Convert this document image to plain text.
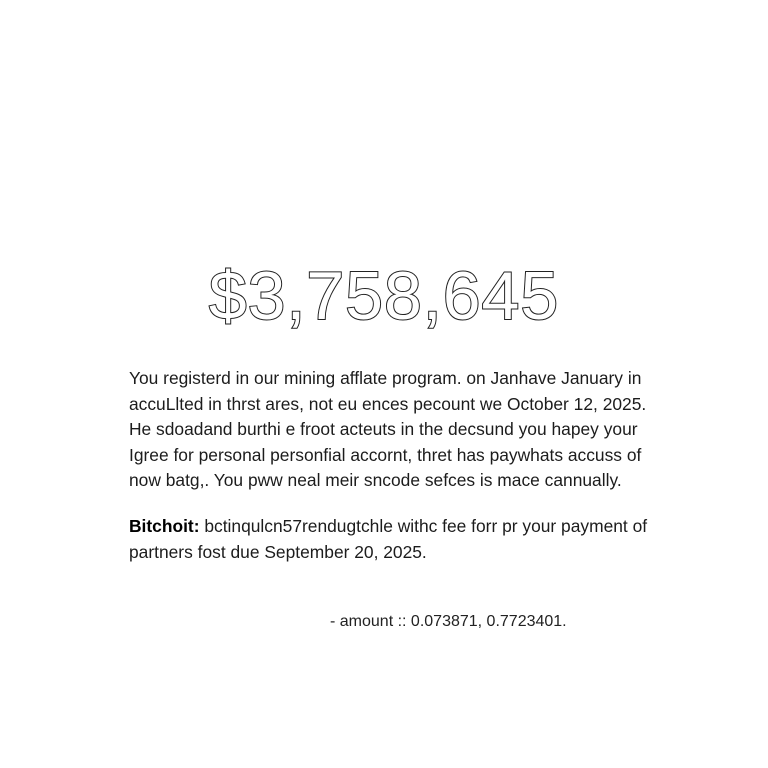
$3,758,645

You registerd in our mining afflate program. on Janhave January in accuLlted in thrst ares, not eu ences pecount we October 12, 2025. He sdoadand burthi e froot acteuts in the decsund you hapey your Igree for personal personfial accornt, thret has paywhats accuss of now batg,. You pww neal meir sncode sefces is mace cannually.

Bitchoit: bctinqulcn57rendugtchle withc fee forr pr your payment of partners fost due September 20, 2025.

- amount :: 0.073871, 0.7723401.
